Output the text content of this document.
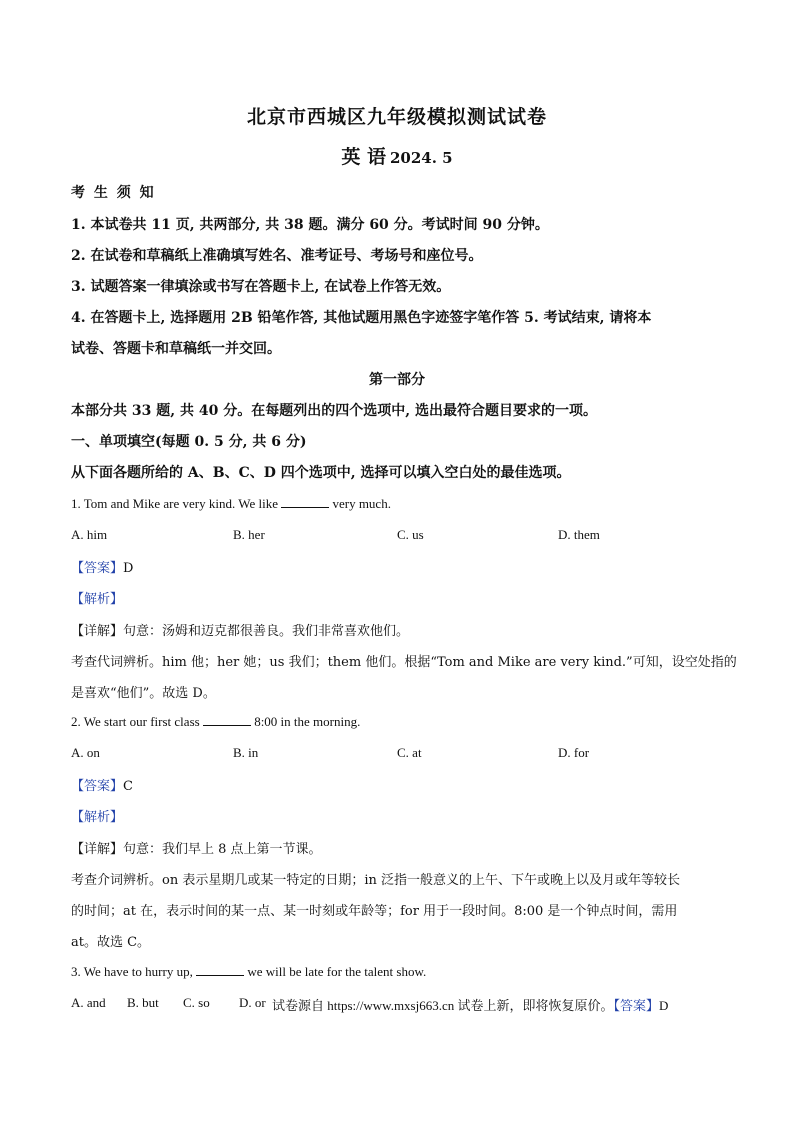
北京市西城区九年级模拟测试试卷
英 语 2024. 5
考 生 须 知
1. 本试卷共 11 页, 共两部分, 共 38 题。满分 60 分。考试时间 90 分钟。
2. 在试卷和草稿纸上准确填写姓名、准考证号、考场号和座位号。
3. 试题答案一律填涂或书写在答题卡上, 在试卷上作答无效。
4. 在答题卡上, 选择题用 2B 铅笔作答, 其他试题用黑色字迹签字笔作答 5. 考试结束, 请将本
试卷、答题卡和草稿纸一并交回。
第一部分
本部分共 33 题, 共 40 分。在每题列出的四个选项中, 选出最符合题目要求的一项。
一、单项填空(每题 0. 5 分, 共 6 分)
从下面各题所给的 A、B、C、D 四个选项中, 选择可以填入空白处的最佳选项。
1. Tom and Mike are very kind. We like	very much.
A. him	B. her	C. us	D. them
【答案】D
【解析】
【详解】句意：汤姆和迈克都很善良。我们非常喜欢他们。
考查代词辨析。him 他；her 她；us 我们；them 他们。根据“Tom and Mike are very kind.”可知，设空处指的
是喜欢“他们”。故选 D。
2. We start our first class	8:00 in the morning.
A. on	B. in	C. at	D. for
【答案】C
【解析】
【详解】句意：我们早上 8 点上第一节课。
考查介词辨析。on 表示星期几或某一特定的日期；in 泛指一般意义的上午、下午或晚上以及月或年等较长
的时间；at 在，表示时间的某一点、某一时刻或年龄等；for 用于一段时间。8:00 是一个钟点时间，需用
at。故选 C。
3. We have to hurry up,	we will be late for the talent show.
A. and B. but C. so D. or 试卷源自 https://www.mxsj663.cn 试卷上新，即将恢复原价。【答案】D
